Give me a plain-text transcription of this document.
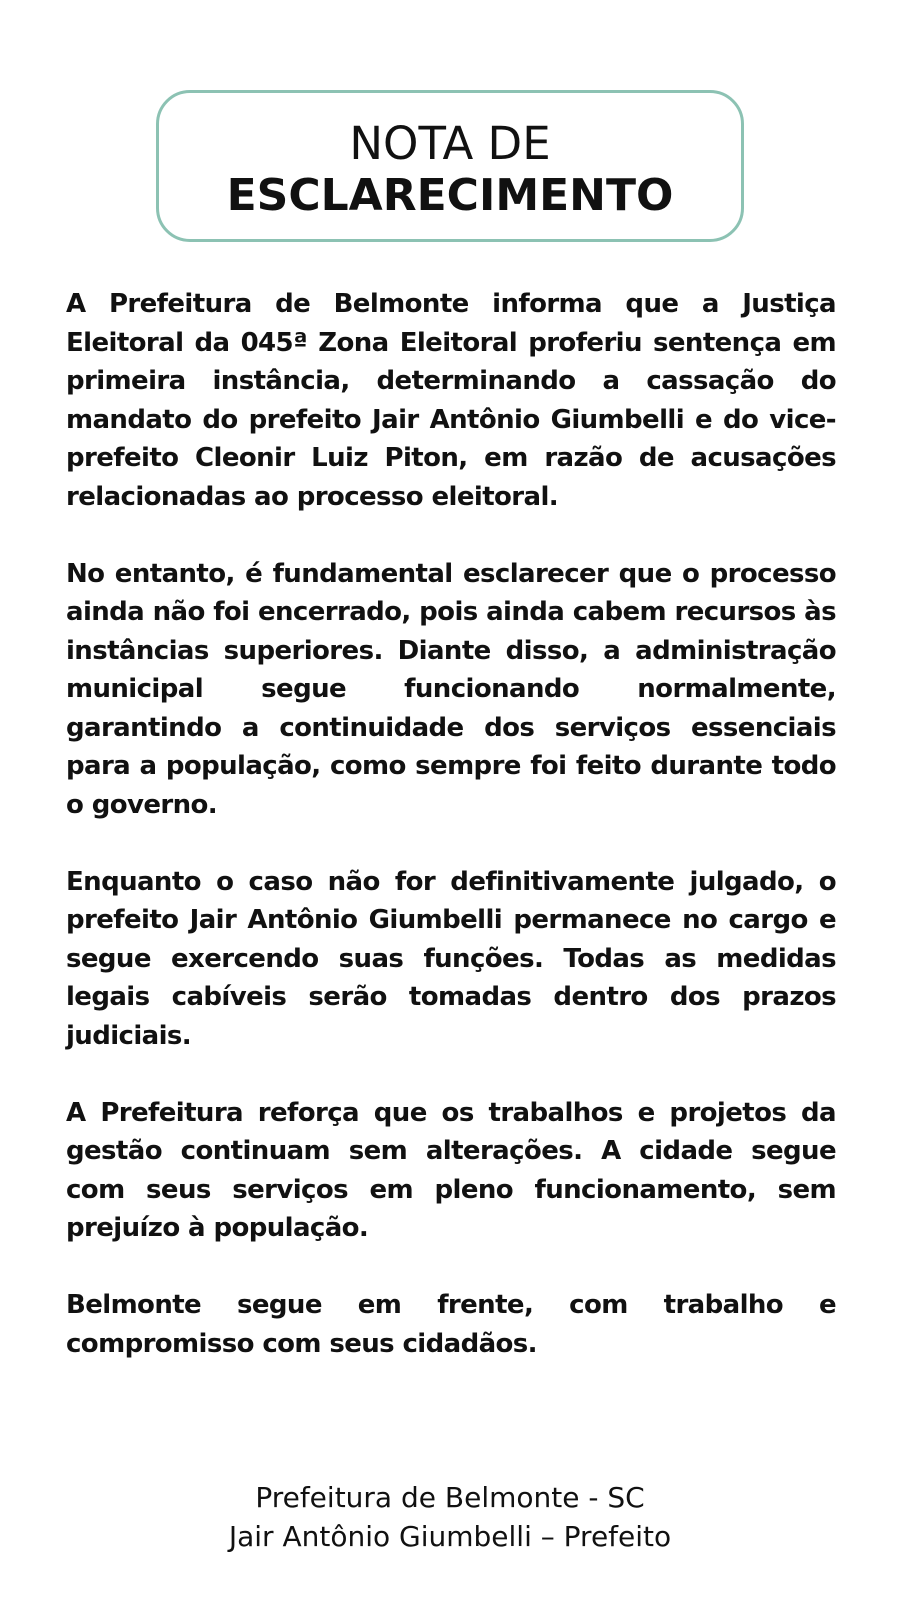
NOTA DE
ESCLARECIMENTO

A Prefeitura de Belmonte informa que a Justiça Eleitoral da 045ª Zona Eleitoral proferiu sentença em primeira instância, determinando a cassação do mandato do prefeito Jair Antônio Giumbelli e do vice-prefeito Cleonir Luiz Piton, em razão de acusações relacionadas ao processo eleitoral.

No entanto, é fundamental esclarecer que o processo ainda não foi encerrado, pois ainda cabem recursos às instâncias superiores. Diante disso, a administração municipal segue funcionando normalmente, garantindo a continuidade dos serviços essenciais para a população, como sempre foi feito durante todo o governo.

Enquanto o caso não for definitivamente julgado, o prefeito Jair Antônio Giumbelli permanece no cargo e segue exercendo suas funções. Todas as medidas legais cabíveis serão tomadas dentro dos prazos judiciais.

A Prefeitura reforça que os trabalhos e projetos da gestão continuam sem alterações. A cidade segue com seus serviços em pleno funcionamento, sem prejuízo à população.

Belmonte segue em frente, com trabalho e compromisso com seus cidadãos.

Prefeitura de Belmonte - SC
Jair Antônio Giumbelli – Prefeito
